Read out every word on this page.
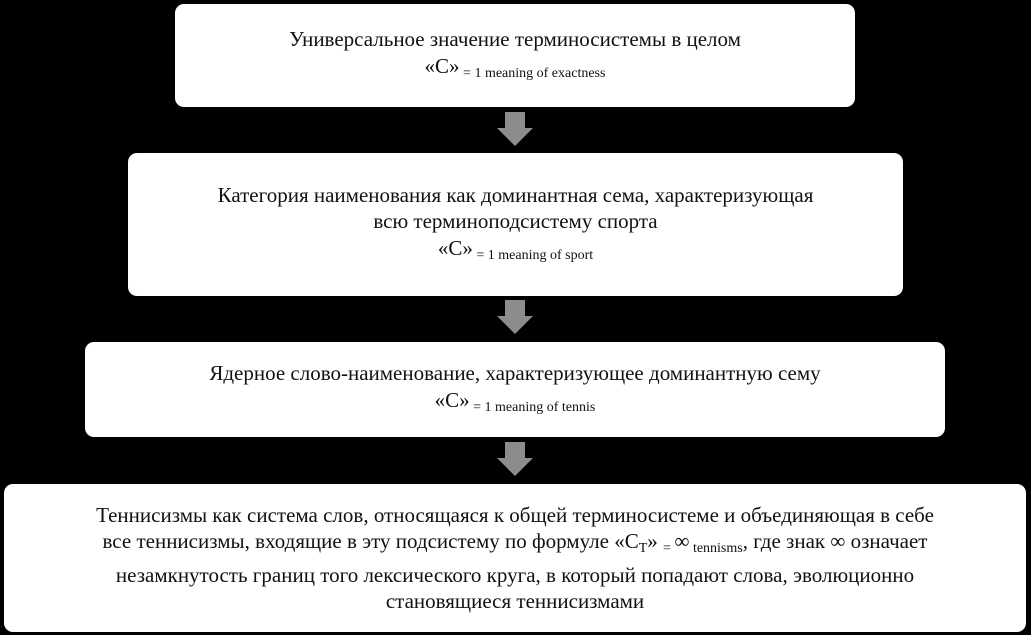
Универсальное значение терминосистемы в целом
«С» $_{= 1 meaning of exactness}$
Категория наименования как доминантная сема, характеризующая
всю терминоподсистему спорта
«С» $_{= 1 meaning of sport}$
Ядерное слово-наименование, характеризующее доминантную сему
«С» $_{= 1 meaning of tennis}$
Теннисизмы как система слов, относящаяся к общей терминосистеме и объединяющая в себе
все теннисизмы, входящие в эту подсистему по формуле «$С_Т$» = ∞ tennisms, где знак ∞ означает
незамкнутость границ того лексического круга, в который попадают слова, эволюционно
становящиеся теннисизмами
